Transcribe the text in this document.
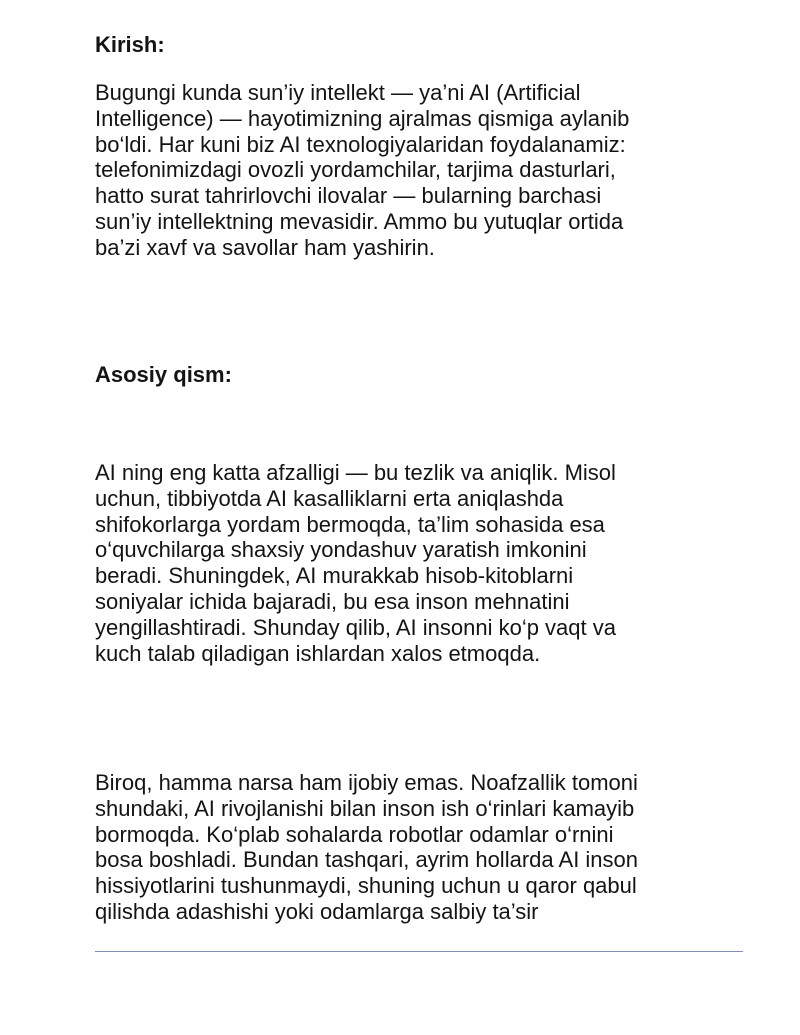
Kirish:
Bugungi kunda sun’iy intellekt — ya’ni AI (Artificial
Intelligence) — hayotimizning ajralmas qismiga aylanib
bo‘ldi. Har kuni biz AI texnologiyalaridan foydalanamiz:
telefonimizdagi ovozli yordamchilar, tarjima dasturlari,
hatto surat tahrirlovchi ilovalar — bularning barchasi
sun’iy intellektning mevasidir. Ammo bu yutuqlar ortida
ba’zi xavf va savollar ham yashirin.
Asosiy qism:
AI ning eng katta afzalligi — bu tezlik va aniqlik. Misol
uchun, tibbiyotda AI kasalliklarni erta aniqlashda
shifokorlarga yordam bermoqda, ta’lim sohasida esa
o‘quvchilarga shaxsiy yondashuv yaratish imkonini
beradi. Shuningdek, AI murakkab hisob-kitoblarni
soniyalar ichida bajaradi, bu esa inson mehnatini
yengillashtiradi. Shunday qilib, AI insonni ko‘p vaqt va
kuch talab qiladigan ishlardan xalos etmoqda.
Biroq, hamma narsa ham ijobiy emas. Noafzallik tomoni
shundaki, AI rivojlanishi bilan inson ish o‘rinlari kamayib
bormoqda. Ko‘plab sohalarda robotlar odamlar o‘rnini
bosa boshladi. Bundan tashqari, ayrim hollarda AI inson
hissiyotlarini tushunmaydi, shuning uchun u qaror qabul
qilishda adashishi yoki odamlarga salbiy ta’sir
